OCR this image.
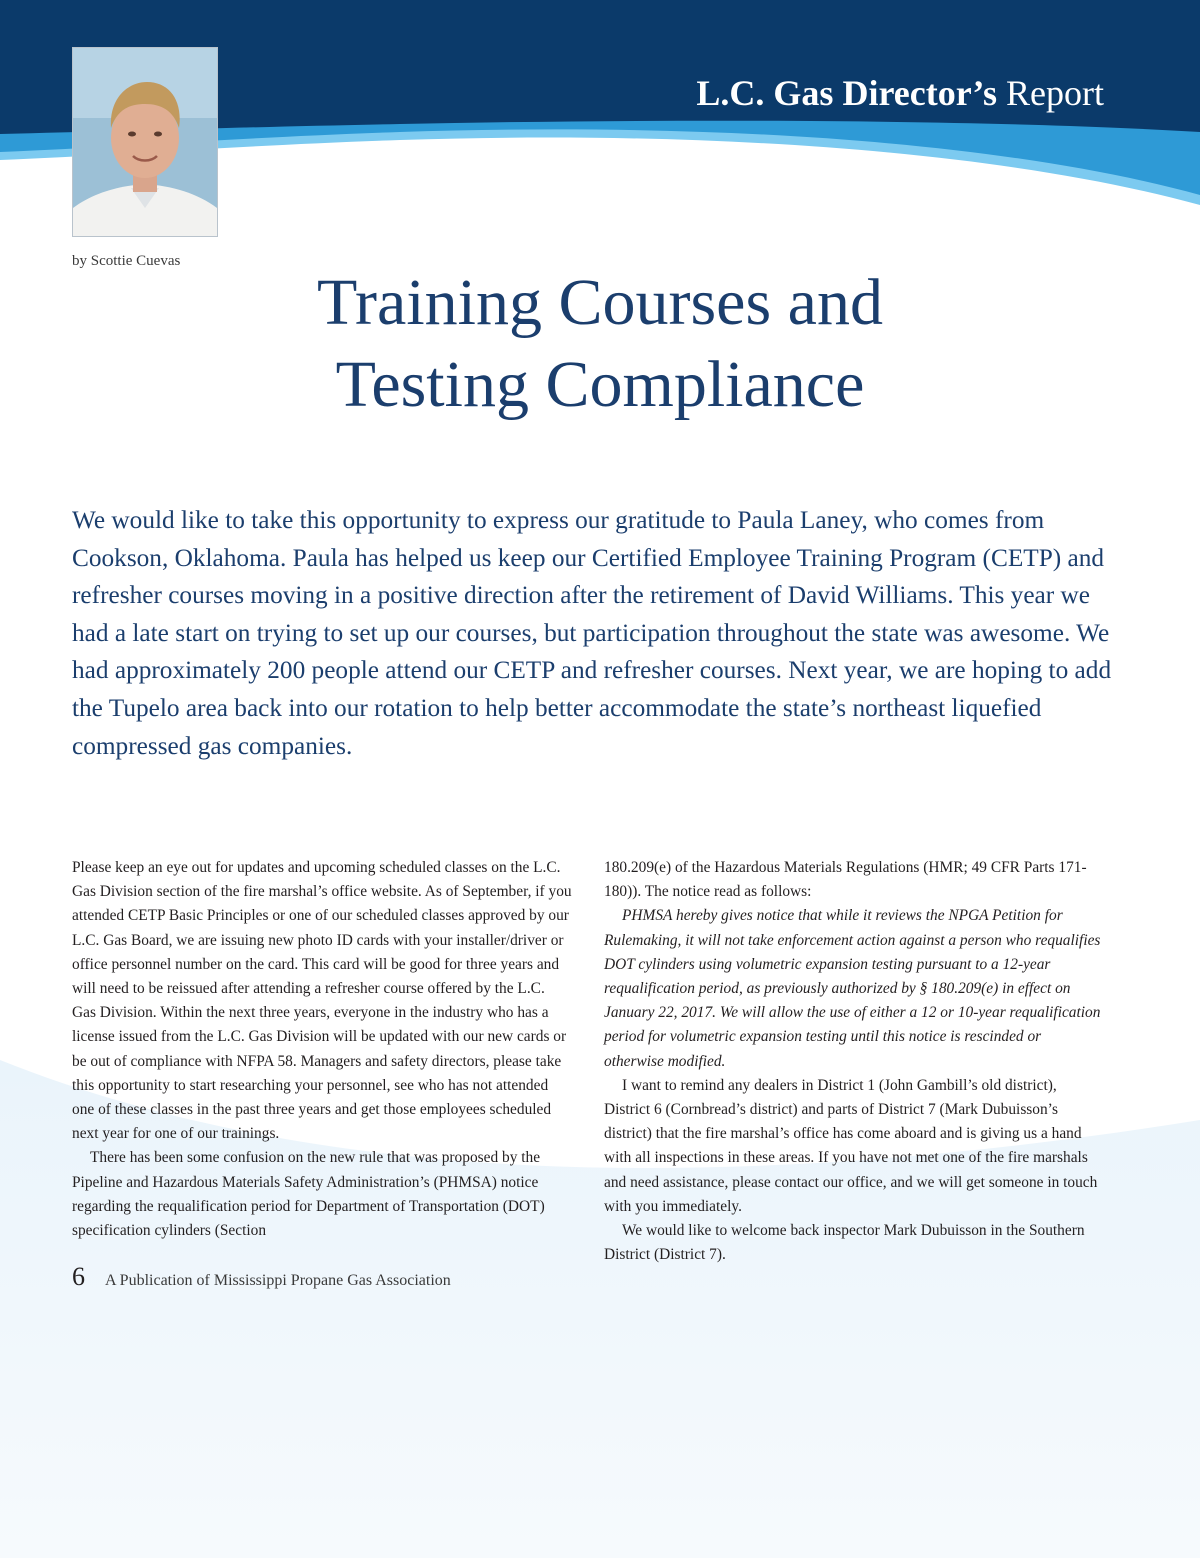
by Scottie Cuevas
L.C. Gas Director’s Report
Training Courses and
Testing Compliance

We would like to take this opportunity to express our gratitude to Paula Laney, who comes from Cookson, Oklahoma. Paula has helped us keep our Certified Employee Training Program (CETP) and refresher courses moving in a positive direction after the retirement of David Williams. This year we had a late start on trying to set up our courses, but participation throughout the state was awesome. We had approximately 200 people attend our CETP and refresher courses. Next year, we are hoping to add the Tupelo area back into our rotation to help better accommodate the state’s northeast liquefied compressed gas companies.

Please keep an eye out for updates and upcoming scheduled classes on the L.C. Gas Division section of the fire marshal’s office website. As of September, if you attended CETP Basic Principles or one of our scheduled classes approved by our L.C. Gas Board, we are issuing new photo ID cards with your installer/driver or office personnel number on the card. This card will be good for three years and will need to be reissued after attending a refresher course offered by the L.C. Gas Division. Within the next three years, everyone in the industry who has a license issued from the L.C. Gas Division will be updated with our new cards or be out of compliance with NFPA 58. Managers and safety directors, please take this opportunity to start researching your personnel, see who has not attended one of these classes in the past three years and get those employees scheduled next year for one of our trainings.

There has been some confusion on the new rule that was proposed by the Pipeline and Hazardous Materials Safety Administration’s (PHMSA) notice regarding the requalification period for Department of Transportation (DOT) specification cylinders (Section

180.209(e) of the Hazardous Materials Regulations (HMR; 49 CFR Parts 171-180)). The notice read as follows:

PHMSA hereby gives notice that while it reviews the NPGA Petition for Rulemaking, it will not take enforcement action against a person who requalifies DOT cylinders using volumetric expansion testing pursuant to a 12-year requalification period, as previously authorized by § 180.209(e) in effect on January 22, 2017. We will allow the use of either a 12 or 10-year requalification period for volumetric expansion testing until this notice is rescinded or otherwise modified.

I want to remind any dealers in District 1 (John Gambill’s old district), District 6 (Cornbread’s district) and parts of District 7 (Mark Dubuisson’s district) that the fire marshal’s office has come aboard and is giving us a hand with all inspections in these areas. If you have not met one of the fire marshals and need assistance, please contact our office, and we will get someone in touch with you immediately.

We would like to welcome back inspector Mark Dubuisson in the Southern District (District 7).

6 A Publication of Mississippi Propane Gas Association
